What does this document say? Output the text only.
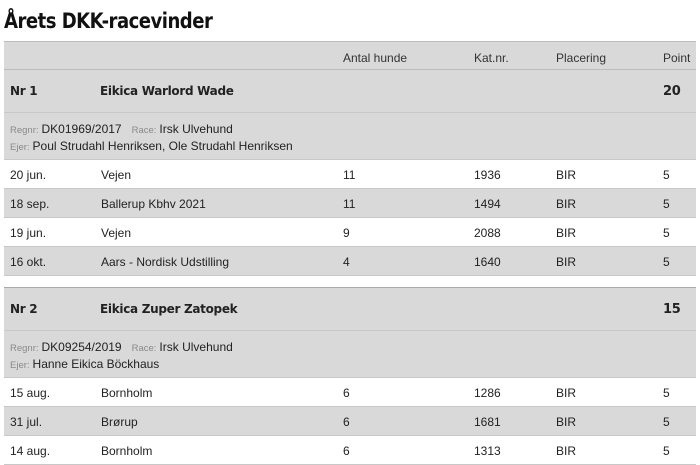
Årets DKK-racevinder
Antal hunde	Kat.nr.	Placering	Point
Nr 1	Eikica Warlord Wade	20
Regnr: DK01969/2017 Race: Irsk Ulvehund
Ejer: Poul Strudahl Henriksen, Ole Strudahl Henriksen
20 jun.	Vejen	11	1936	BIR	5
18 sep.	Ballerup Kbhv 2021	11	1494	BIR	5
19 jun.	Vejen	9	2088	BIR	5
16 okt.	Aars - Nordisk Udstilling	4	1640	BIR	5
Nr 2	Eikica Zuper Zatopek	15
Regnr: DK09254/2019 Race: Irsk Ulvehund
Ejer: Hanne Eikica Böckhaus
15 aug.	Bornholm	6	1286	BIR	5
31 jul.	Brørup	6	1681	BIR	5
14 aug.	Bornholm	6	1313	BIR	5
